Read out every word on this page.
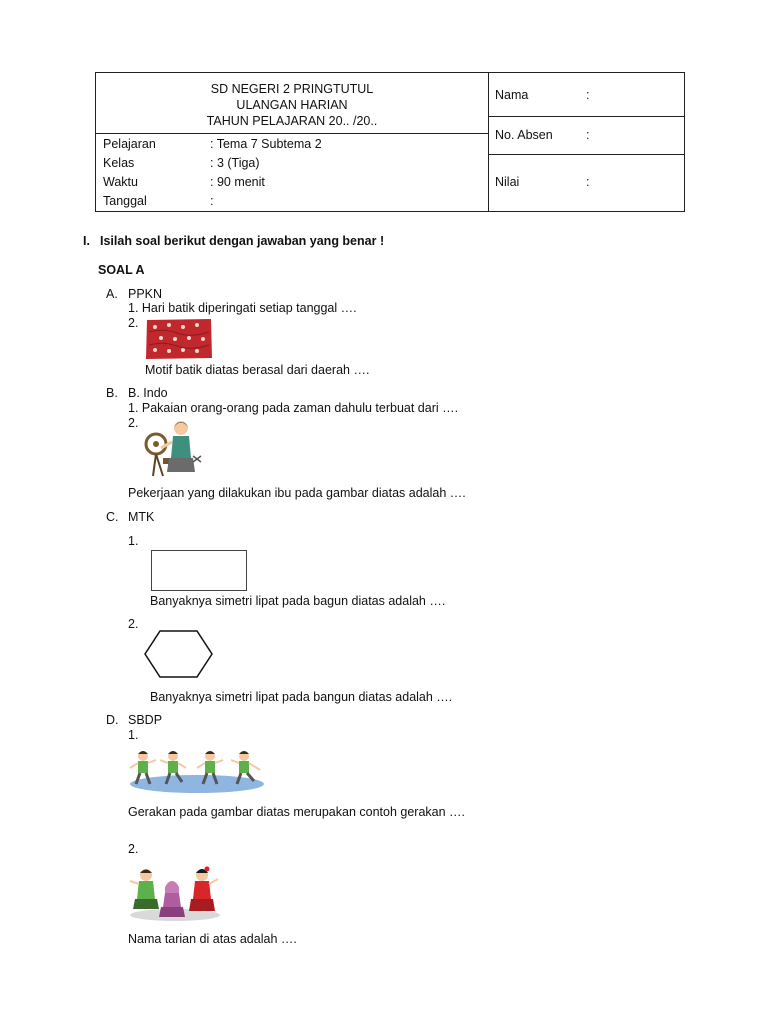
SD NEGERI 2 PRINGTUTUL
ULANGAN HARIAN
TAHUN PELAJARAN 20.. /20..
Pelajaran	: Tema 7 Subtema 2
Kelas	: 3 (Tiga)
Waktu	: 90 menit
Tanggal	:
Nama	:
No. Absen	:
Nilai	:
I. Isilah soal berikut dengan jawaban yang benar !
SOAL A
A. PPKN
1. Hari batik diperingati setiap tanggal ….
2.
Motif batik diatas berasal dari daerah ….
B. B. Indo
1. Pakaian orang-orang pada zaman dahulu terbuat dari ….
2.
Pekerjaan yang dilakukan ibu pada gambar diatas adalah ….
C. MTK
1.
Banyaknya simetri lipat pada bagun diatas adalah ….
2.
Banyaknya simetri lipat pada bangun diatas adalah ….
D. SBDP
1.
Gerakan pada gambar diatas merupakan contoh gerakan ….
2.
Nama tarian di atas adalah ….
